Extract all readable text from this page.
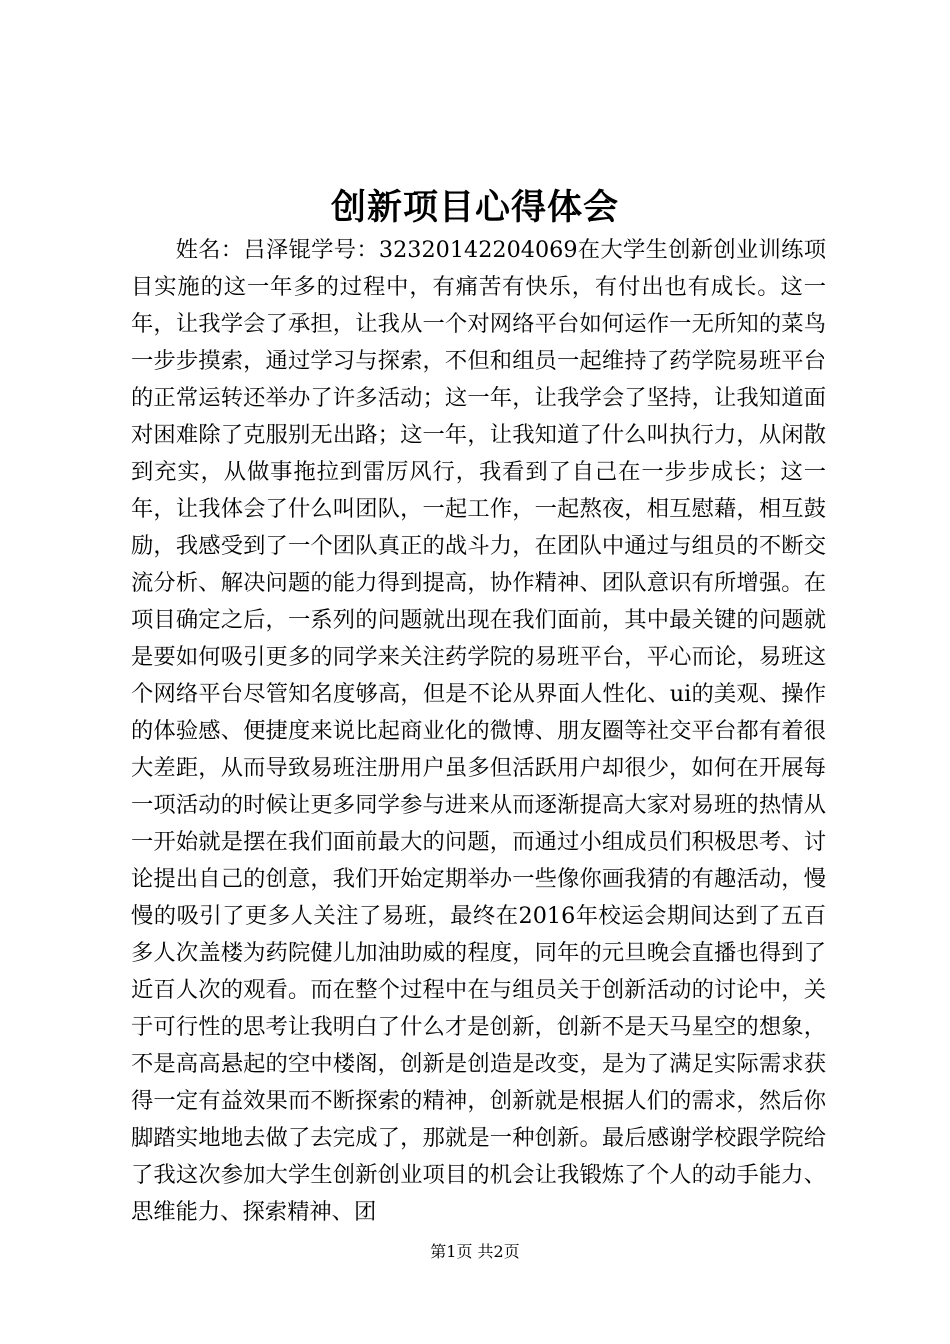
创新项目心得体会

姓名：吕泽锟学号：32320142204069在大学生创新创业训练项目实施的这一年多的过程中，有痛苦有快乐，有付出也有成长。这一年，让我学会了承担，让我从一个对网络平台如何运作一无所知的菜鸟一步步摸索，通过学习与探索，不但和组员一起维持了药学院易班平台的正常运转还举办了许多活动；这一年，让我学会了坚持，让我知道面对困难除了克服别无出路；这一年，让我知道了什么叫执行力，从闲散到充实，从做事拖拉到雷厉风行，我看到了自己在一步步成长；这一年，让我体会了什么叫团队，一起工作，一起熬夜，相互慰藉，相互鼓励，我感受到了一个团队真正的战斗力，在团队中通过与组员的不断交流分析、解决问题的能力得到提高，协作精神、团队意识有所增强。在项目确定之后，一系列的问题就出现在我们面前，其中最关键的问题就是要如何吸引更多的同学来关注药学院的易班平台，平心而论，易班这个网络平台尽管知名度够高，但是不论从界面人性化、ui的美观、操作的体验感、便捷度来说比起商业化的微博、朋友圈等社交平台都有着很大差距，从而导致易班注册用户虽多但活跃用户却很少，如何在开展每一项活动的时候让更多同学参与进来从而逐渐提高大家对易班的热情从一开始就是摆在我们面前最大的问题，而通过小组成员们积极思考、讨论提出自己的创意，我们开始定期举办一些像你画我猜的有趣活动，慢慢的吸引了更多人关注了易班，最终在2016年校运会期间达到了五百多人次盖楼为药院健儿加油助威的程度，同年的元旦晚会直播也得到了近百人次的观看。而在整个过程中在与组员关于创新活动的讨论中，关于可行性的思考让我明白了什么才是创新，创新不是天马星空的想象，不是高高悬起的空中楼阁，创新是创造是改变，是为了满足实际需求获得一定有益效果而不断探索的精神，创新就是根据人们的需求，然后你脚踏实地地去做了去完成了，那就是一种创新。最后感谢学校跟学院给了我这次参加大学生创新创业项目的机会让我锻炼了个人的动手能力、思维能力、探索精神、团

第1页 共2页
